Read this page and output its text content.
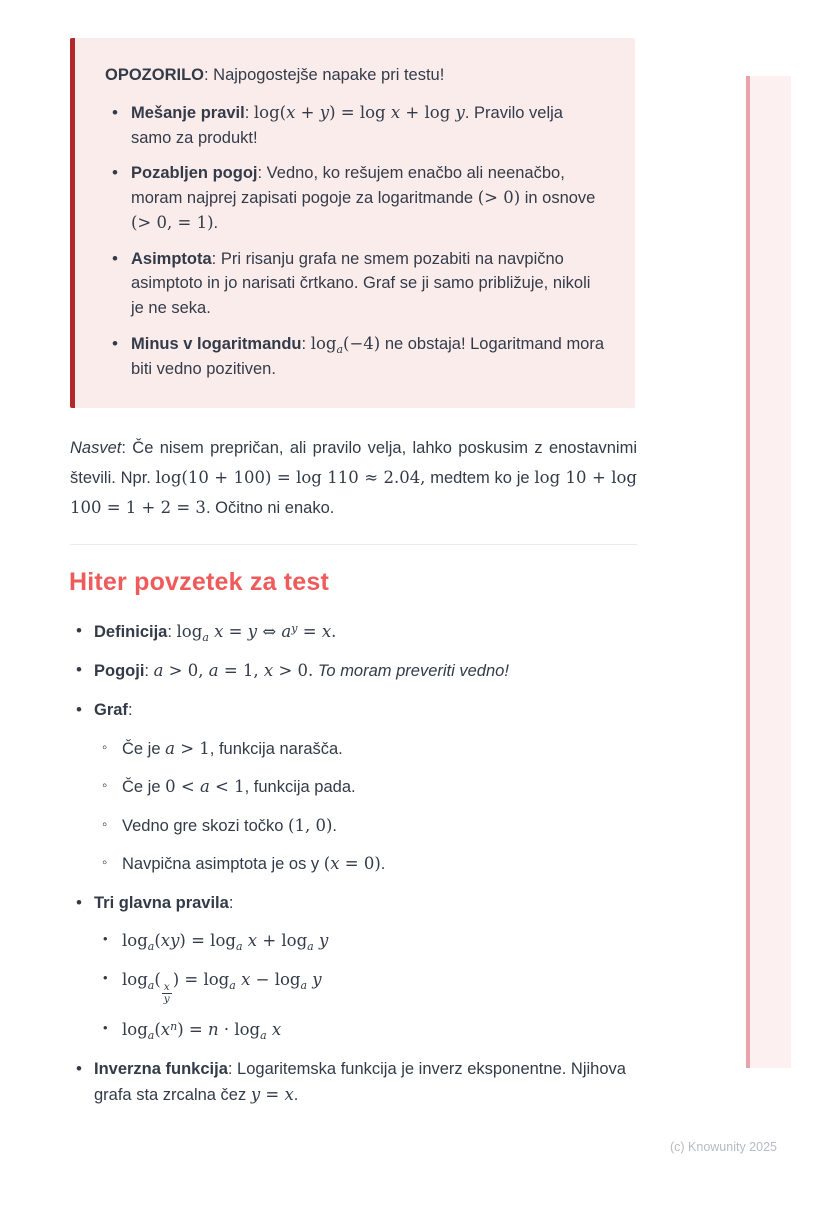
OPOZORILO: Najpogostejše napake pri testu!

• Mešanje pravil: log(x + y) = log x + log y. Pravilo velja samo za produkt!
• Pozabljen pogoj: Vedno, ko rešujem enačbo ali neenačbo, moram najprej zapisati pogoje za logaritmande (> 0) in osnove (> 0, = 1).
• Asimptota: Pri risanju grafa ne smem pozabiti na navpično asimptoto in jo narisati črtkano. Graf se ji samo približuje, nikoli je ne seka.
• Minus v logaritmandu: $\log_a(-4)$ ne obstaja! Logaritmand mora biti vedno pozitiven.

Nasvet: Če nisem prepričan, ali pravilo velja, lahko poskusim z enostavnimi števili. Npr. log(10 + 100) = log 110 ≈ 2.04, medtem ko je log 10 + log 100 = 1 + 2 = 3. Očitno ni enako.

Hiter povzetek za test
• Definicija: $\log_a x = y$ ⇔ $a^y = x$.
• Pogoji: a > 0, a = 1, x > 0. To moram preveriti vedno!
• Graf:
◦ Če je a > 1, funkcija narašča.
◦ Če je 0 < a < 1, funkcija pada.
◦ Vedno gre skozi točko (1, 0).
◦ Navpična asimptota je os y (x = 0).
• Tri glavna pravila:
• $\log_a(xy) = \log_a x + \log_a y$
• $\log_a$(
$\frac{x}{y}$
) = $\log_a x - \log_a y$
• $\log_a(x^n) = n \cdot \log_a x$
• Inverzna funkcija: Logaritemska funkcija je inverz eksponentne. Njihova grafa sta zrcalna čez y = x.
(c) Knowunity 2025
